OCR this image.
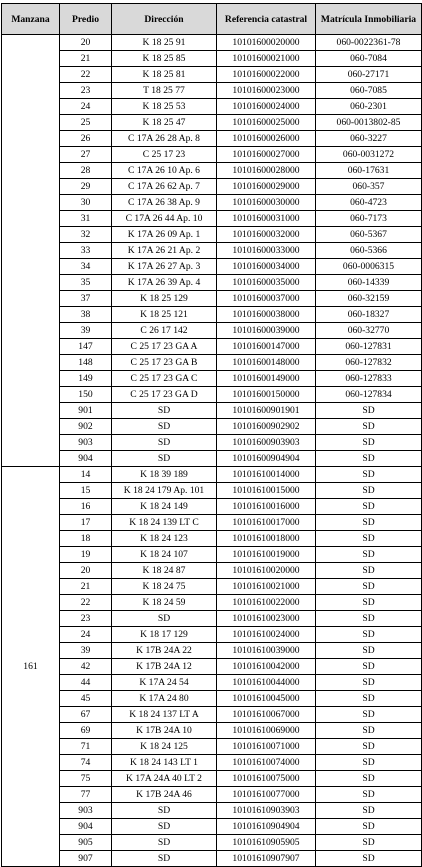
Manzana	Predio	Dirección	Referencia catastral	Matrícula Inmobiliaria
	20	K 18 25 91	10101600020000	060-0022361-78
	21	K 18 25 85	10101600021000	060-7084
	22	K 18 25 81	10101600022000	060-27171
	23	T 18 25 77	10101600023000	060-7085
	24	K 18 25 53	10101600024000	060-2301
	25	K 18 25 47	10101600025000	060-0013802-85
	26	C 17A 26 28 Ap. 8	10101600026000	060-3227
	27	C 25 17 23	10101600027000	060-0031272
	28	C 17A 26 10 Ap. 6	10101600028000	060-17631
	29	C 17A 26 62 Ap. 7	10101600029000	060-357
	30	C 17A 26 38 Ap. 9	10101600030000	060-4723
	31	C 17A 26 44 Ap. 10	10101600031000	060-7173
	32	K 17A 26 09 Ap. 1	10101600032000	060-5367
	33	K 17A 26 21 Ap. 2	10101600033000	060-5366
	34	K 17A 26 27 Ap. 3	10101600034000	060-0006315
	35	K 17A 26 39 Ap. 4	10101600035000	060-14339
	37	K 18 25 129	10101600037000	060-32159
	38	K 18 25 121	10101600038000	060-18327
	39	C 26 17 142	10101600039000	060-32770
	147	C 25 17 23 GA A	10101600147000	060-127831
	148	C 25 17 23 GA B	10101600148000	060-127832
	149	C 25 17 23 GA C	10101600149000	060-127833
	150	C 25 17 23 GA D	10101600150000	060-127834
	901	SD	10101600901901	SD
	902	SD	10101600902902	SD
	903	SD	10101600903903	SD
	904	SD	10101600904904	SD
161	14	K 18 39 189	10101610014000	SD
	15	K 18 24 179 Ap. 101	10101610015000	SD
	16	K 18 24 149	10101610016000	SD
	17	K 18 24 139 LT C	10101610017000	SD
	18	K 18 24 123	10101610018000	SD
	19	K 18 24 107	10101610019000	SD
	20	K 18 24 87	10101610020000	SD
	21	K 18 24 75	10101610021000	SD
	22	K 18 24 59	10101610022000	SD
	23	SD	10101610023000	SD
	24	K 18 17 129	10101610024000	SD
	39	K 17B 24A 22	10101610039000	SD
	42	K 17B 24A 12	10101610042000	SD
	44	K 17A 24 54	10101610044000	SD
	45	K 17A 24 80	10101610045000	SD
	67	K 18 24 137 LT A	10101610067000	SD
	69	K 17B 24A 10	10101610069000	SD
	71	K 18 24 125	10101610071000	SD
	74	K 18 24 143 LT 1	10101610074000	SD
	75	K 17A 24A 40 LT 2	10101610075000	SD
	77	K 17B 24A 46	10101610077000	SD
	903	SD	10101610903903	SD
	904	SD	10101610904904	SD
	905	SD	10101610905905	SD
	907	SD	10101610907907	SD
